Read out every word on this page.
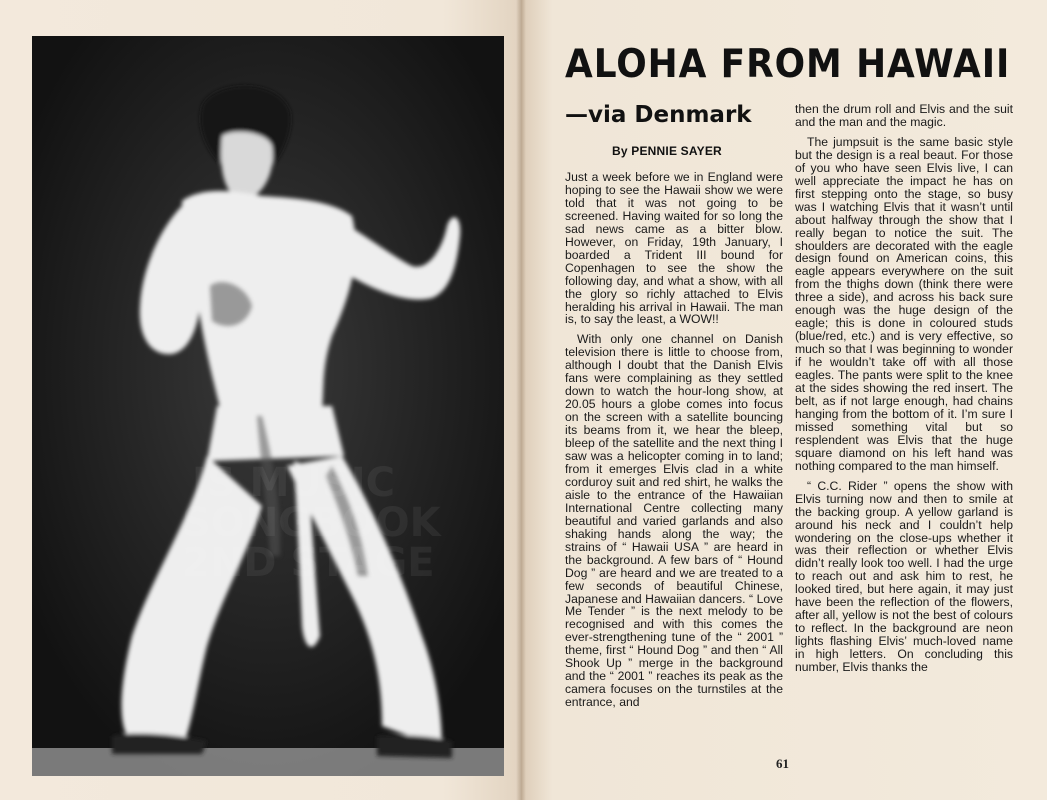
IS MUSIC
SONGBOOK
2ND STAGE
ALOHA FROM HAWAII
—via Denmark
By PENNIE SAYER

Just a week before we in England were hoping to see the Hawaii show we were told that it was not going to be screened. Having waited for so long the sad news came as a bitter blow. However, on Friday, 19th January, I boarded a Trident III bound for Copenhagen to see the show the following day, and what a show, with all the glory so richly attached to Elvis heralding his arrival in Hawaii. The man is, to say the least, a WOW!!

With only one channel on Danish television there is little to choose from, although I doubt that the Danish Elvis fans were complaining as they settled down to watch the hour-long show, at 20.05 hours a globe comes into focus on the screen with a satellite bouncing its beams from it, we hear the bleep, bleep of the satellite and the next thing I saw was a helicopter coming in to land; from it emerges Elvis clad in a white corduroy suit and red shirt, he walks the aisle to the entrance of the Hawaiian International Centre collecting many beautiful and varied garlands and also shaking hands along the way; the strains of “ Hawaii USA ” are heard in the background. A few bars of “ Hound Dog ” are heard and we are treated to a few seconds of beautiful Chinese, Japanese and Hawaiian dancers. “ Love Me Tender ” is the next melody to be recognised and with this comes the ever-strengthening tune of the “ 2001 ” theme, first “ Hound Dog ” and then “ All Shook Up ” merge in the background and the “ 2001 ” reaches its peak as the camera focuses on the turnstiles at the entrance, and

then the drum roll and Elvis and the suit and the man and the magic.

The jumpsuit is the same basic style but the design is a real beaut. For those of you who have seen Elvis live, I can well appreciate the impact he has on first stepping onto the stage, so busy was I watching Elvis that it wasn’t until about halfway through the show that I really began to notice the suit. The shoulders are decorated with the eagle design found on American coins, this eagle appears everywhere on the suit from the thighs down (think there were three a side), and across his back sure enough was the huge design of the eagle; this is done in coloured studs (blue/red, etc.) and is very effective, so much so that I was beginning to wonder if he wouldn’t take off with all those eagles. The pants were split to the knee at the sides showing the red insert. The belt, as if not large enough, had chains hanging from the bottom of it. I’m sure I missed something vital but so resplendent was Elvis that the huge square diamond on his left hand was nothing compared to the man himself.

“ C.C. Rider ” opens the show with Elvis turning now and then to smile at the backing group. A yellow garland is around his neck and I couldn’t help wondering on the close-ups whether it was their reflection or whether Elvis didn’t really look too well. I had the urge to reach out and ask him to rest, he looked tired, but here again, it may just have been the reflection of the flowers, after all, yellow is not the best of colours to reflect. In the background are neon lights flashing Elvis’ much-loved name in high letters. On concluding this number, Elvis thanks the

61
